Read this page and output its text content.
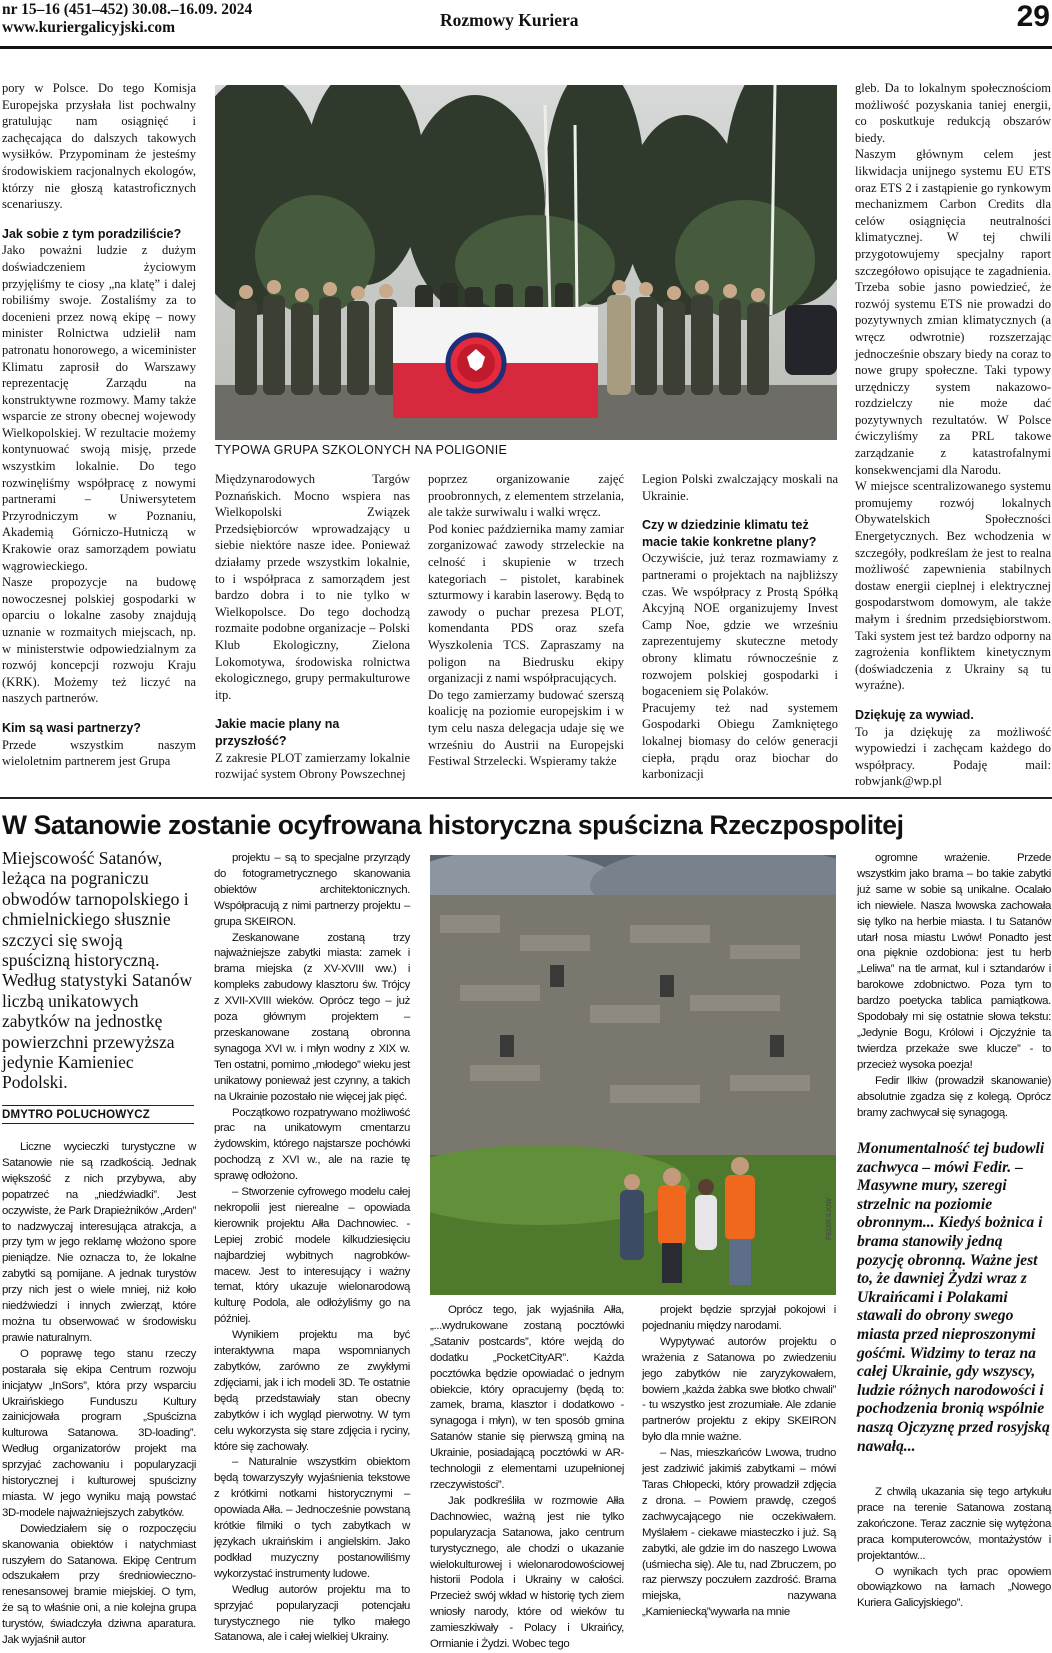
nr 15–16 (451–452) 30.08.–16.09. 2024
www.kuriergalicyjski.com	Rozmowy Kuriera	29

pory w Polsce. Do tego Komisja Europejska przysłała list pochwalny gratulując nam osiągnięć i zachęcająca do dalszych takowych wysiłków. Przypominam że jesteśmy środowiskiem racjonalnych ekologów, którzy nie głoszą katastroficznych scenariuszy.

Jak sobie z tym poradziliście?

Jako poważni ludzie z dużym doświadczeniem życiowym przyjęliśmy te ciosy „na klatę” i dalej robiliśmy swoje. Zostaliśmy za to docenieni przez nową ekipę – nowy minister Rolnictwa udzielił nam patronatu honorowego, a wiceminister Klimatu zaprosił do Warszawy reprezentację Zarządu na konstruktywne rozmowy. Mamy także wsparcie ze strony obecnej wojewody Wielkopolskiej. W rezultacie możemy kontynuować swoją misję, przede wszystkim lokalnie. Do tego rozwinęliśmy współpracę z nowymi partnerami – Uniwersytetem Przyrodniczym w Poznaniu, Akademią Górniczo-Hutniczą w Krakowie oraz samorządem powiatu wągrowieckiego.

Nasze propozycje na budowę nowoczesnej polskiej gospodarki w oparciu o lokalne zasoby znajdują uznanie w rozmaitych miejscach, np. w ministerstwie odpowiedzialnym za rozwój koncepcji rozwoju Kraju (KRK). Możemy też liczyć na naszych partnerów.

Kim są wasi partnerzy?

Przede wszystkim naszym wieloletnim partnerem jest Grupa

TYPOWA GRUPA SZKOLONYCH NA POLIGONIE

Międzynarodowych Targów Poznańskich. Mocno wspiera nas Wielkopolski Związek Przedsiębiorców wprowadzający u siebie niektóre nasze idee. Ponieważ działamy przede wszystkim lokalnie, to i współpraca z samorządem jest bardzo dobra i to nie tylko w Wielkopolsce. Do tego dochodzą rozmaite podobne organizacje – Polski Klub Ekologiczny, Zielona Lokomotywa, środowiska rolnictwa ekologicznego, grupy permakulturowe itp.

Jakie macie plany na przyszłość?

Z zakresie PLOT zamierzamy lokalnie rozwijać system Obrony Powszechnej

poprzez organizowanie zajęć proobronnych, z elementem strzelania, ale także surwiwalu i walki wręcz.

Pod koniec października mamy zamiar zorganizować zawody strzeleckie na celność i skupienie w trzech kategoriach – pistolet, karabinek szturmowy i karabin laserowy. Będą to zawody o puchar prezesa PLOT, komendanta PDS oraz szefa Wyszkolenia TCS. Zapraszamy na poligon na Biedrusku ekipy organizacji z nami współpracujących.

Do tego zamierzamy budować szerszą koalicję na poziomie europejskim i w tym celu nasza delegacja udaje się we wrześniu do Austrii na Europejski Festiwal Strzelecki. Wspieramy także

Legion Polski zwalczający moskali na Ukrainie.

Czy w dziedzinie klimatu też macie takie konkretne plany?

Oczywiście, już teraz rozmawiamy z partnerami o projektach na najbliższy czas. We współpracy z Prostą Spółką Akcyjną NOE organizujemy Invest Camp Noe, gdzie we wrześniu zaprezentujemy skuteczne metody obrony klimatu równocześnie z rozwojem polskiej gospodarki i bogaceniem się Polaków.

Pracujemy też nad systemem Gospodarki Obiegu Zamkniętego lokalnej biomasy do celów generacji ciepła, prądu oraz biochar do karbonizacji

gleb. Da to lokalnym społecznościom możliwość pozyskania taniej energii, co poskutkuje redukcją obszarów biedy.

Naszym głównym celem jest likwidacja unijnego systemu EU ETS oraz ETS 2 i zastąpienie go rynkowym mechanizmem Carbon Credits dla celów osiągnięcia neutralności klimatycznej. W tej chwili przygotowujemy specjalny raport szczegółowo opisujące te zagadnienia. Trzeba sobie jasno powiedzieć, że rozwój systemu ETS nie prowadzi do pozytywnych zmian klimatycznych (a wręcz odwrotnie) rozszerzając jednocześnie obszary biedy na coraz to nowe grupy społeczne. Taki typowy urzędniczy system nakazowo-rozdzielczy nie może dać pozytywnych rezultatów. W Polsce ćwiczyliśmy za PRL takowe zarządzanie z katastrofalnymi konsekwencjami dla Narodu.

W miejsce scentralizowanego systemu promujemy rozwój lokalnych Obywatelskich Społeczności Energetycznych. Bez wchodzenia w szczegóły, podkreślam że jest to realna możliwość zapewnienia stabilnych dostaw energii cieplnej i elektrycznej gospodarstwom domowym, ale także małym i średnim przedsiębiorstwom. Taki system jest też bardzo odporny na zagrożenia konfliktem kinetycznym (doświadczenia z Ukrainy są tu wyraźne).

Dziękuję za wywiad.

To ja dziękuję za możliwość wypowiedzi i zachęcam każdego do współpracy. Podaję mail: robwjank@wp.pl

W Satanowie zostanie ocyfrowana historyczna spuścizna Rzeczpospolitej
Miejscowość Satanów, leżąca na pograniczu obwodów tarnopolskiego i chmielnickiego słusznie szczyci się swoją spuścizną historyczną. Według statystyki Satanów liczbą unikatowych zabytków na jednostkę powierzchni przewyższa jedynie Kamieniec Podolski.
DMYTRO POLUCHOWYCZ

Liczne wycieczki turystyczne w Satanowie nie są rzadkością. Jednak większość z nich przybywa, aby popatrzeć na „niedźwiadki”. Jest oczywiste, że Park Drapieżników „Arden” to nadzwyczaj interesująca atrakcja, a przy tym w jego reklamę włożono spore pieniądze. Nie oznacza to, że lokalne zabytki są pomijane. A jednak turystów przy nich jest o wiele mniej, niż koło niedźwiedzi i innych zwierząt, które można tu obserwować w środowisku prawie naturalnym.

O poprawę tego stanu rzeczy postarała się ekipa Centrum rozwoju inicjatyw „InSors”, która przy wsparciu Ukraińskiego Funduszu Kultury zainicjowała program „Spuścizna kulturowa Satanowa. 3D-loading”. Według organizatorów projekt ma sprzyjać zachowaniu i popularyzacji historycznej i kulturowej spuścizny miasta. W jego wyniku mają powstać 3D-modele najważniejszych zabytków.

Dowiedziałem się o rozpoczęciu skanowania obiektów i natychmiast ruszyłem do Satanowa. Ekipę Centrum odszukałem przy średniowieczno-renesansowej bramie miejskiej. O tym, że są to właśnie oni, a nie kolejna grupa turystów, świadczyła dziwna aparatura. Jak wyjaśnił autor

projektu – są to specjalne przyrządy do fotogrametrycznego skanowania obiektów architektonicznych. Współpracują z nimi partnerzy projektu – grupa SKEIRON.

Zeskanowane zostaną trzy najważniejsze zabytki miasta: zamek i brama miejska (z XV-XVIII ww.) i kompleks zabudowy klasztoru św. Trójcy z XVII-XVIII wieków. Oprócz tego – już poza głównym projektem – przeskanowane zostaną obronna synagoga XVI w. i młyn wodny z XIX w. Ten ostatni, pomimo „młodego” wieku jest unikatowy ponieważ jest czynny, a takich na Ukrainie pozostało nie więcej jak pięć.

Początkowo rozpatrywano możliwość prac na unikatowym cmentarzu żydowskim, którego najstarsze pochówki pochodzą z XVI w., ale na razie tę sprawę odłożono.

– Stworzenie cyfrowego modelu całej nekropolii jest nierealne – opowiada kierownik projektu Ałła Dachnowiec. - Lepiej zrobić modele kilkudziesięciu najbardziej wybitnych nagrobków-macew. Jest to interesujący i ważny temat, który ukazuje wielonarodową kulturę Podola, ale odłożyliśmy go na później.

Wynikiem projektu ma być interaktywna mapa wspomnianych zabytków, zarówno ze zwykłymi zdjęciami, jak i ich modeli 3D. Te ostatnie będą przedstawiały stan obecny zabytków i ich wygląd pierwotny. W tym celu wykorzysta się stare zdjęcia i ryciny, które się zachowały.

– Naturalnie wszystkim obiektom będą towarzyszyły wyjaśnienia tekstowe z krótkimi notkami historycznymi – opowiada Ałła. – Jednocześnie powstaną krótkie filmiki o tych zabytkach w językach ukraińskim i angielskim. Jako podkład muzyczny postanowiliśmy wykorzystać instrumenty ludowe.

Według autorów projektu ma to sprzyjać popularyzacji potencjału turystycznego nie tylko małego Satanowa, ale i całej wielkiej Ukrainy.

FEDIR ILKIW

Oprócz tego, jak wyjaśniła Ałła, „...wydrukowane zostaną pocztówki „Sataniv postcards”, które wejdą do dodatku „PocketCityAR”. Każda pocztówka będzie opowiadać o jednym obiekcie, który opracujemy (będą to: zamek, brama, klasztor i dodatkowo - synagoga i młyn), w ten sposób gmina Satanów stanie się pierwszą gminą na Ukrainie, posiadającą pocztówki w AR-technologii z elementami uzupełnionej rzeczywistości”.

Jak podkreśliła w rozmowie Ałła Dachnowiec, ważną jest nie tylko popularyzacja Satanowa, jako centrum turystycznego, ale chodzi o ukazanie wielokulturowej i wielonarodowościowej historii Podola i Ukrainy w całości. Przecież swój wkład w historię tych ziem wniosły narody, które od wieków tu zamieszkiwały - Polacy i Ukraińcy, Ormianie i Żydzi. Wobec tego

projekt będzie sprzyjał pokojowi i pojednaniu między narodami.

Wypytywać autorów projektu o wrażenia z Satanowa po zwiedzeniu jego zabytków nie zaryzykowałem, bowiem „każda żabka swe błotko chwali” - tu wszystko jest zrozumiałe. Ale zdanie partnerów projektu z ekipy SKEIRON było dla mnie ważne.

– Nas, mieszkańców Lwowa, trudno jest zadziwić jakimiś zabytkami – mówi Taras Chłopecki, który prowadził zdjęcia z drona. – Powiem prawdę, czegoś zachwycającego nie oczekiwałem. Myślałem - ciekawe miasteczko i już. Są zabytki, ale gdzie im do naszego Lwowa (uśmiecha się). Ale tu, nad Zbruczem, po raz pierwszy poczułem zazdrość. Brama miejska, nazywana „Kamieniecką”wywarła na mnie

ogromne wrażenie. Przede wszystkim jako brama – bo takie zabytki już same w sobie są unikalne. Ocalało ich niewiele. Nasza lwowska zachowała się tylko na herbie miasta. I tu Satanów utarł nosa miastu Lwów! Ponadto jest ona pięknie ozdobiona: jest tu herb „Leliwa” na tle armat, kul i sztandarów i barokowe zdobnictwo. Poza tym to bardzo poetycka tablica pamiątkowa. Spodobały mi się ostatnie słowa tekstu: „Jedynie Bogu, Królowi i Ojczyźnie ta twierdza przekaże swe klucze” - to przecież wysoka poezja!

Fedir Ilkiw (prowadził skanowanie) absolutnie zgadza się z kolegą. Oprócz bramy zachwycał się synagogą.

Monumentalność tej budowli zachwyca – mówi Fedir. – Masywne mury, szeregi strzelnic na poziomie obronnym... Kiedyś bożnica i brama stanowiły jedną pozycję obronną. Ważne jest to, że dawniej Żydzi wraz z Ukraińcami i Polakami stawali do obrony swego miasta przed nieproszonymi gośćmi. Widzimy to teraz na całej Ukrainie, gdy wszyscy, ludzie różnych narodowości i pochodzenia bronią wspólnie naszą Ojczyznę przed rosyjską nawałą...

Z chwilą ukazania się tego artykułu prace na terenie Satanowa zostaną zakończone. Teraz zacznie się wytężona praca komputerowców, montażystów i projektantów...

O wynikach tych prac opowiem obowiązkowo na łamach „Nowego Kuriera Galicyjskiego”.
